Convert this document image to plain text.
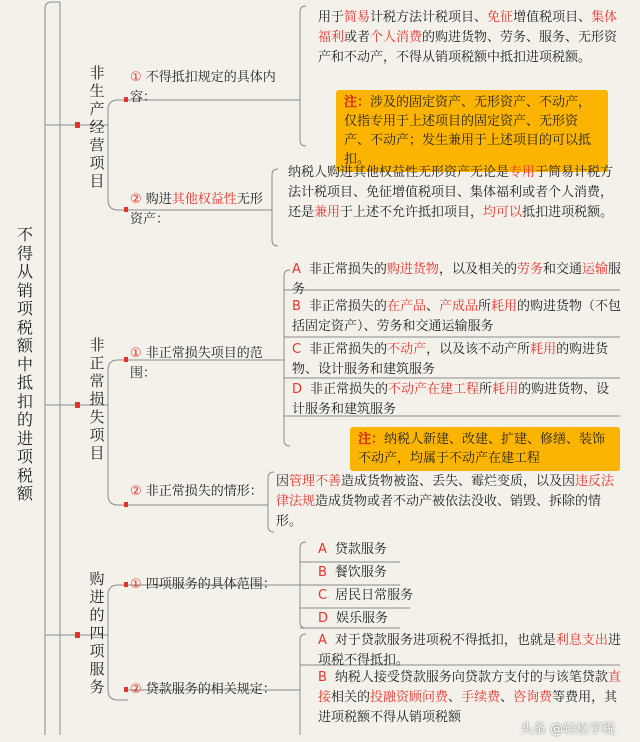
不得从销项税额中抵扣的进项税额
非生产经营项目
非正常损失项目
购进的四项服务
① 不得抵扣规定的具体内容：
用于简易计税方法计税项目、免征增值税项目、集体福利或者个人消费的购进货物、劳务、服务、无形资产和不动产，不得从销项税额中抵扣进项税额。
注：涉及的固定资产、无形资产、不动产，仅指专用于上述项目的固定资产、无形资产、不动产；发生兼用于上述项目的可以抵扣。
② 购进其他权益性无形资产：
纳税人购进其他权益性无形资产无论是专用于简易计税方法计税项目、免征增值税项目、集体福利或者个人消费，还是兼用于上述不允许抵扣项目，均可以抵扣进项税额。
① 非正常损失项目的范围：
A 非正常损失的购进货物，以及相关的劳务和交通运输服务
B 非正常损失的在产品、产成品所耗用的购进货物（不包括固定资产）、劳务和交通运输服务
C 非正常损失的不动产，以及该不动产所耗用的购进货物、设计服务和建筑服务
D 非正常损失的不动产在建工程所耗用的购进货物、设计服务和建筑服务
注：纳税人新建、改建、扩建、修缮、装饰不动产，均属于不动产在建工程
② 非正常损失的情形：
因管理不善造成货物被盗、丢失、霉烂变质，以及因违反法律法规造成货物或者不动产被依法没收、销毁、拆除的情形。
① 四项服务的具体范围：
A 贷款服务
B 餐饮服务
C 居民日常服务
D 娱乐服务
② 贷款服务的相关规定：
A 对于贷款服务进项税不得抵扣，也就是利息支出进项税不得抵扣。
B 纳税人接受贷款服务向贷款方支付的与该笔贷款直接相关的投融资顾问费、手续费、咨询费等费用，其进项税额不得从销项税额
头条 @轻松学税
